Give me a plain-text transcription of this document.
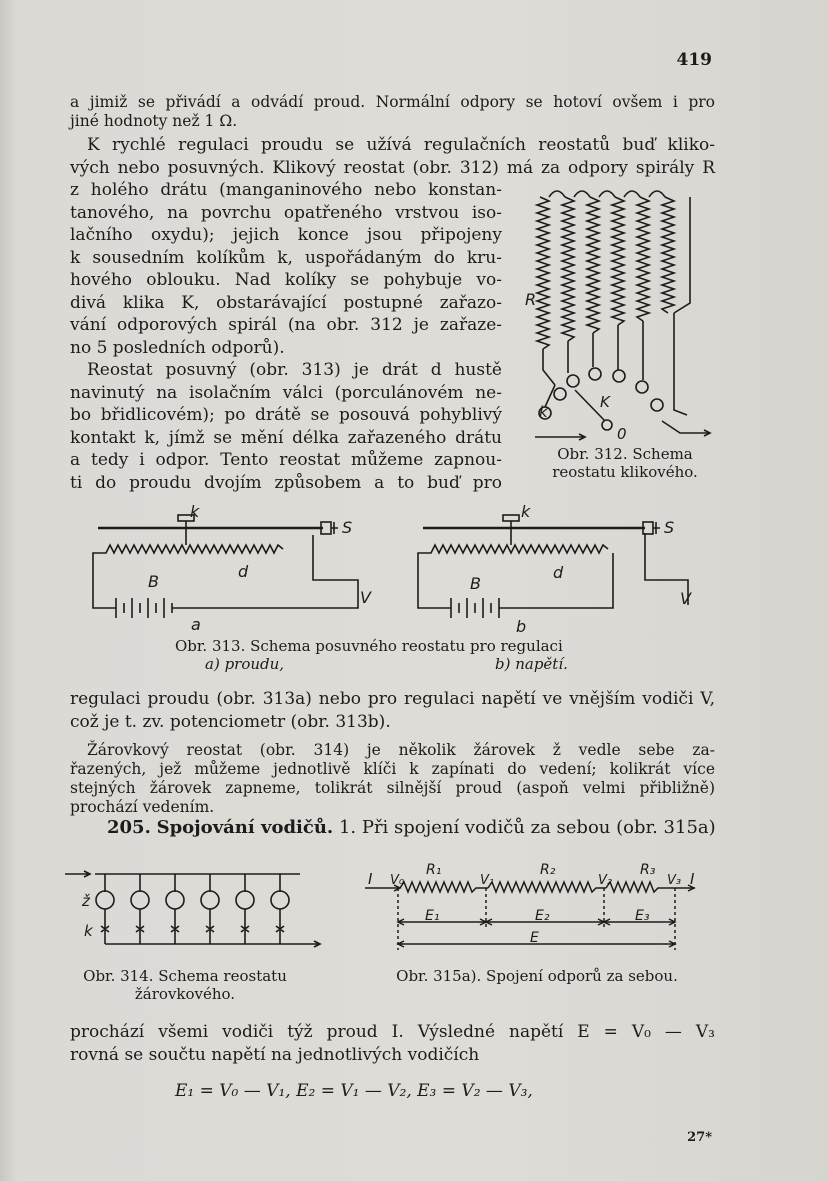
419
a jimiž se přivádí a odvádí proud. Normální odpory se hotoví ovšem i pro
jiné hodnoty než 1 Ω.
K rychlé regulaci proudu se užívá regulačních reostatů buď kliko-
vých nebo posuvných. Klikový reostat (obr. 312) má za odpory spirály R
z holého drátu (manganinového nebo konstan-
tanového, na povrchu opatřeného vrstvou iso-
lačního oxydu); jejich konce jsou připojeny
k sousedním kolíkům k, uspořádaným do kru-
hového oblouku. Nad kolíky se pohybuje vo-
divá klika K, obstarávající postupné zařazo-
vání odporových spirál (na obr. 312 je zařaze-
no 5 posledních odporů).
Reostat posuvný (obr. 313) je drát d hustě
navinutý na isolačním válci (porculánovém ne-
bo břidlicovém); po drátě se posouvá pohyblivý
kontakt k, jímž se mění délka zařazeného drátu
a tedy i odpor. Tento reostat můžeme zapnou-
ti do proudu dvojím způsobem a to buď pro
R
k
K
0
Obr. 312. Schema
reostatu klikového.
k
S
B
d
V
a
k
S
B
d
V
b
Obr. 313. Schema posuvného reostatu pro regulaci
a) proudu,	b) napětí.
regulaci proudu (obr. 313a) nebo pro regulaci napětí ve vnějším vodiči V,
což je t. zv. potenciometr (obr. 313b).
Žárovkový reostat (obr. 314) je několik žárovek ž vedle sebe za-
řazených, jež můžeme jednotlivě klíči k zapínati do vedení; kolikrát více
stejných žárovek zapneme, tolikrát silnější proud (aspoň velmi přibližně)
prochází vedením.
205. Spojování vodičů. 1. Při spojení vodičů za sebou (obr. 315a)
ž
k
Obr. 314. Schema reostatu
žárovkového.
I	I
V₀	V₁	V₂	V₃
R₁	R₂	R₃
E₁	E₂	E₃
E
Obr. 315a). Spojení odporů za sebou.
prochází všemi vodiči týž proud I. Výsledné napětí E = V₀ — V₃
rovná se součtu napětí na jednotlivých vodičích
E₁ = V₀ — V₁, E₂ = V₁ — V₂, E₃ = V₂ — V₃,
27*
